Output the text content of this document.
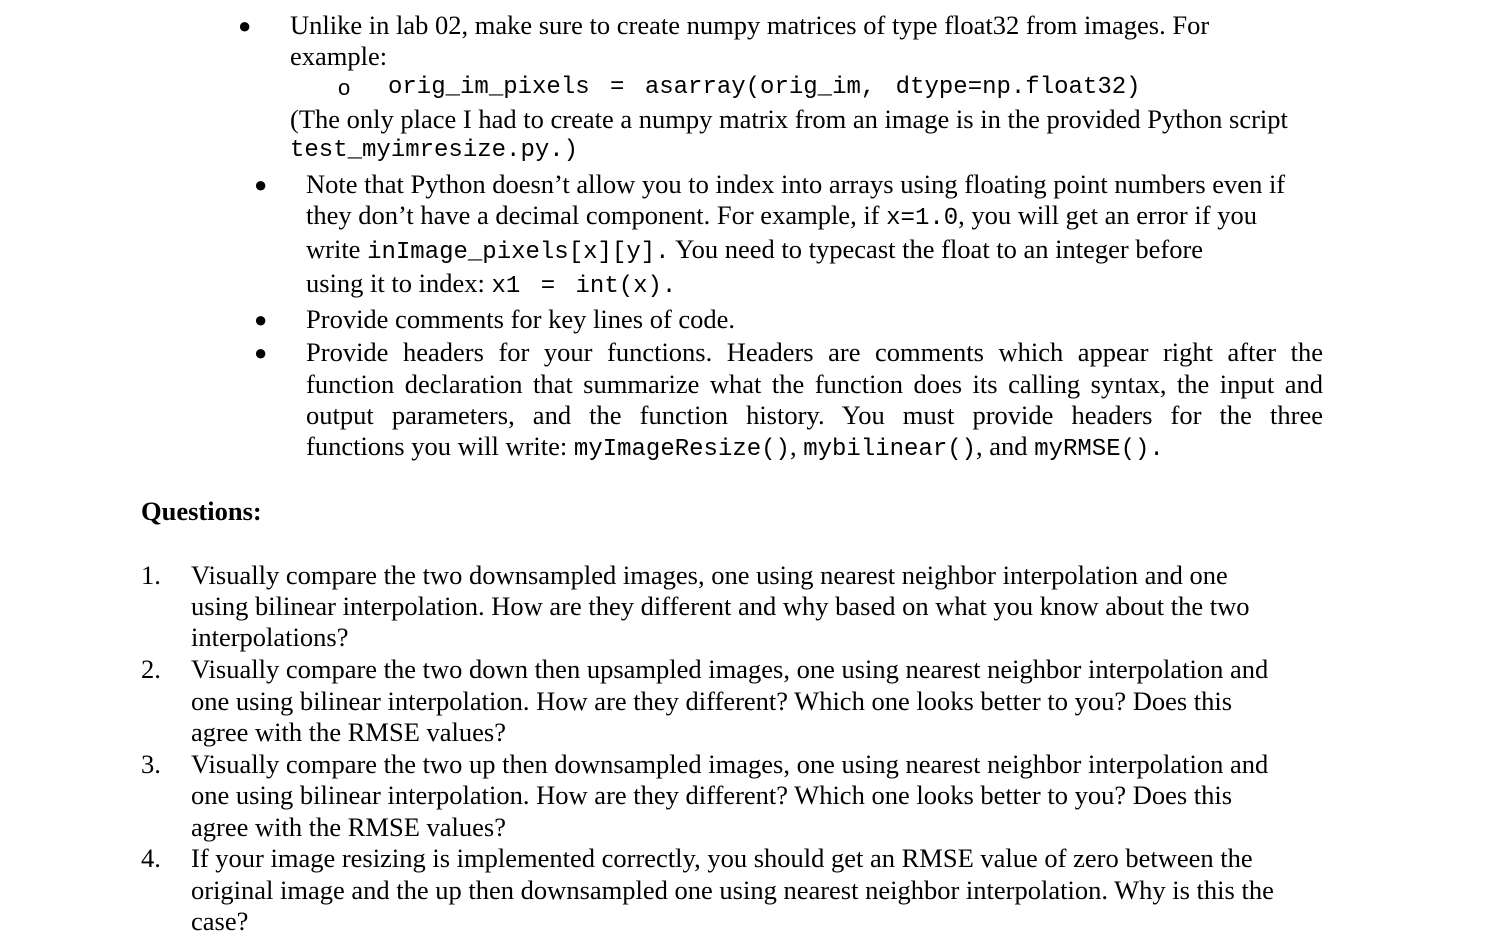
● Unlike in lab 02, make sure to create numpy matrices of type float32 from images. For
example:
o orig_im_pixels = asarray(orig_im, dtype=np.float32)
(The only place I had to create a numpy matrix from an image is in the provided Python script
test_myimresize.py.)
● Note that Python doesn’t allow you to index into arrays using floating point numbers even if
they don’t have a decimal component. For example, if x=1.0, you will get an error if you
write inImage_pixels[x][y]. You need to typecast the float to an integer before
using it to index: x1 = int(x).
● Provide comments for key lines of code.
● Provide headers for your functions. Headers are comments which appear right after the
function declaration that summarize what the function does its calling syntax, the input and
output parameters, and the function history. You must provide headers for the three
functions you will write: myImageResize(), mybilinear(), and myRMSE().
Questions:
1. Visually compare the two downsampled images, one using nearest neighbor interpolation and one
using bilinear interpolation. How are they different and why based on what you know about the two
interpolations?
2. Visually compare the two down then upsampled images, one using nearest neighbor interpolation and
one using bilinear interpolation. How are they different? Which one looks better to you? Does this
agree with the RMSE values?
3. Visually compare the two up then downsampled images, one using nearest neighbor interpolation and
one using bilinear interpolation. How are they different? Which one looks better to you? Does this
agree with the RMSE values?
4. If your image resizing is implemented correctly, you should get an RMSE value of zero between the
original image and the up then downsampled one using nearest neighbor interpolation. Why is this the
case?
